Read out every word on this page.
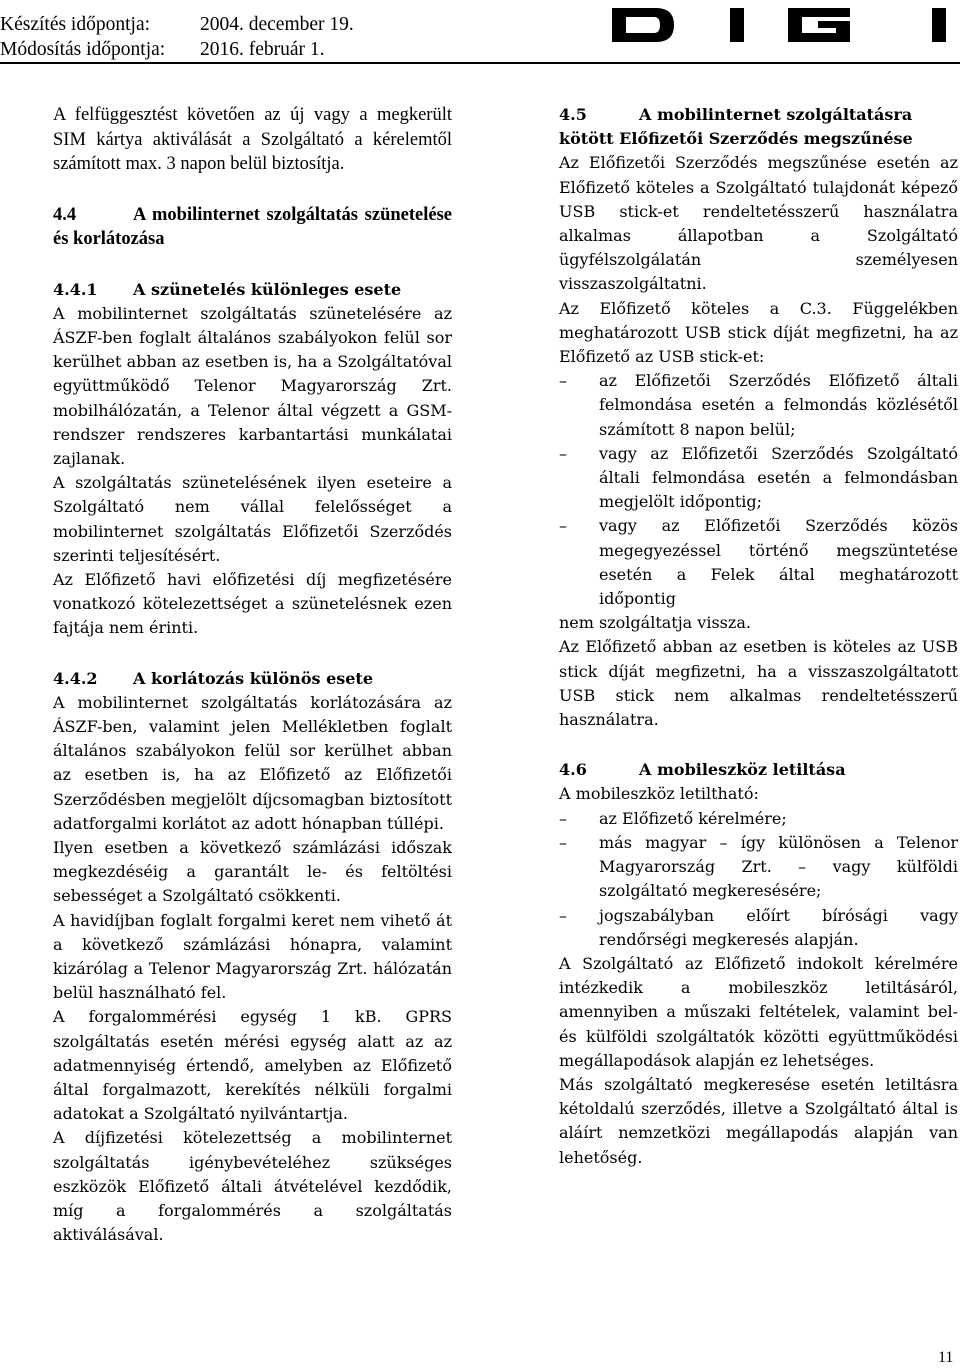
Készítés időpontja:	2004. december 19.
Módosítás időpontja:	2016. február 1.

A felfüggesztést követően az új vagy a megkerült SIM kártya aktiválását a Szolgáltató a kérelemtől számított max. 3 napon belül biztosítja.

4.4	A mobilinternet szolgáltatás szünetelése és korlátozása
4.4.1 A szünetelés különleges esete

A mobilinternet szolgáltatás szünetelésére az ÁSZF-ben foglalt általános szabályokon felül sor kerülhet abban az esetben is, ha a Szolgáltatóval együttműködő Telenor Magyarország Zrt. mobilhálózatán, a Telenor által végzett a GSM-rendszer rendszeres karbantartási munkálatai zajlanak.

A szolgáltatás szünetelésének ilyen eseteire a Szolgáltató nem vállal felelősséget a mobilinternet szolgáltatás Előfizetői Szerződés szerinti teljesítésért.

Az Előfizető havi előfizetési díj megfizetésére vonatkozó kötelezettséget a szünetelésnek ezen fajtája nem érinti.

4.4.2 A korlátozás különös esete

A mobilinternet szolgáltatás korlátozására az ÁSZF-ben, valamint jelen Mellékletben foglalt általános szabályokon felül sor kerülhet abban az esetben is, ha az Előfizető az Előfizetői Szerződésben megjelölt díjcsomagban biztosított adatforgalmi korlátot az adott hónapban túllépi.

Ilyen esetben a következő számlázási időszak megkezdéséig a garantált le- és feltöltési sebességet a Szolgáltató csökkenti.

A havidíjban foglalt forgalmi keret nem vihető át a következő számlázási hónapra, valamint kizárólag a Telenor Magyarország Zrt. hálózatán belül használható fel.

A forgalommérési egység 1 kB. GPRS szolgáltatás esetén mérési egység alatt az az adatmennyiség értendő, amelyben az Előfizető által forgalmazott, kerekítés nélküli forgalmi adatokat a Szolgáltató nyilvántartja.

A díjfizetési kötelezettség a mobilinternet szolgáltatás igénybevételéhez szükséges eszközök Előfizető általi átvételével kezdődik, míg a forgalommérés a szolgáltatás aktiválásával.

4.5	A mobilinternet szolgáltatásra kötött Előfizetői Szerződés megszűnése

Az Előfizetői Szerződés megszűnése esetén az Előfizető köteles a Szolgáltató tulajdonát képező USB stick-et rendeltetésszerű használatra alkalmas állapotban a Szolgáltató ügyfélszolgálatán személyesen visszaszolgáltatni.

Az Előfizető köteles a C.3. Függelékben meghatározott USB stick díját megfizetni, ha az Előfizető az USB stick-et:

–	az Előfizetői Szerződés Előfizető általi felmondása esetén a felmondás közlésétől számított 8 napon belül;
–	vagy az Előfizetői Szerződés Szolgáltató általi felmondása esetén a felmondásban megjelölt időpontig;
–	vagy az Előfizetői Szerződés közös megegyezéssel történő megszüntetése esetén a Felek által meghatározott időpontig

nem szolgáltatja vissza.

Az Előfizető abban az esetben is köteles az USB stick díját megfizetni, ha a visszaszolgáltatott USB stick nem alkalmas rendeltetésszerű használatra.

4.6	A mobileszköz letiltása

A mobileszköz letiltható:

–	az Előfizető kérelmére;
–	más magyar – így különösen a Telenor Magyarország Zrt. – vagy külföldi szolgáltató megkeresésére;
–	jogszabályban előírt bírósági vagy rendőrségi megkeresés alapján.

A Szolgáltató az Előfizető indokolt kérelmére intézkedik a mobileszköz letiltásáról, amennyiben a műszaki feltételek, valamint bel- és külföldi szolgáltatók közötti együttműködési megállapodások alapján ez lehetséges.

Más szolgáltató megkeresése esetén letiltásra kétoldalú szerződés, illetve a Szolgáltató által is aláírt nemzetközi megállapodás alapján van lehetőség.

11
